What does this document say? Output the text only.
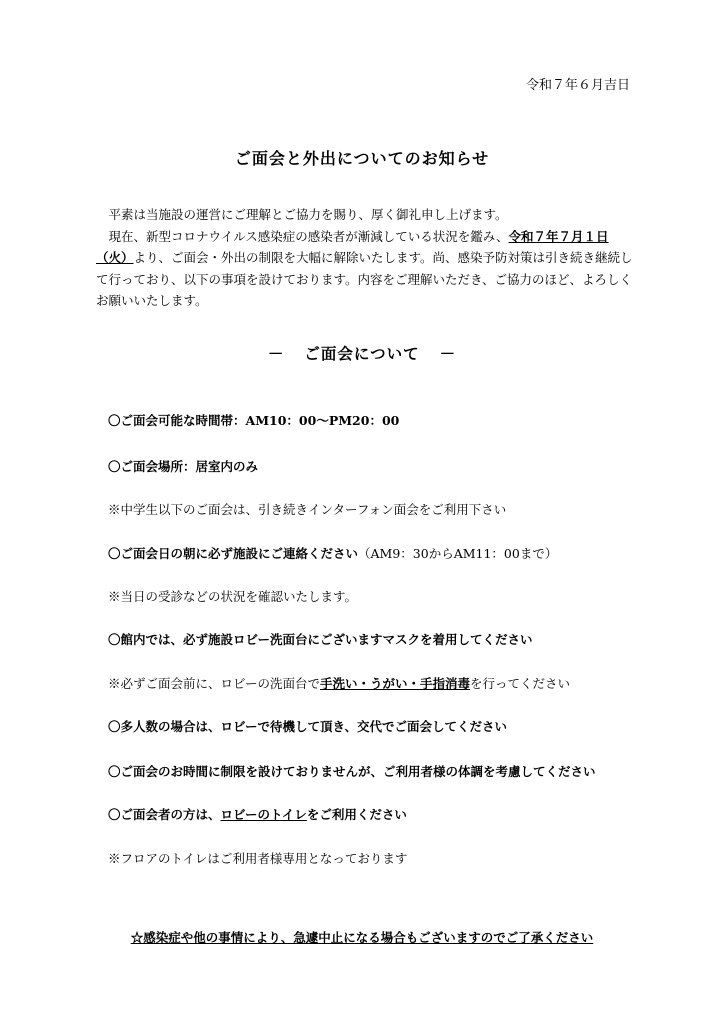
令和７年６月吉日
ご面会と外出についてのお知らせ

平素は当施設の運営にご理解とご協力を賜り、厚く御礼申し上げます。

現在、新型コロナウイルス感染症の感染者が漸減している状況を鑑み、令和７年７月１日（火）より、ご面会・外出の制限を大幅に解除いたします。尚、感染予防対策は引き続き継続して行っており、以下の事項を設けております。内容をご理解いただき、ご協力のほど、よろしくお願いいたします。

－ ご面会について －
〇ご面会可能な時間帯：AM10：00～PM20：00
〇ご面会場所：居室内のみ
※中学生以下のご面会は、引き続きインターフォン面会をご利用下さい
〇ご面会日の朝に必ず施設にご連絡ください（AM9：30からAM11：00まで）
※当日の受診などの状況を確認いたします。
〇館内では、必ず施設ロビー洗面台にございますマスクを着用してください
※必ずご面会前に、ロビーの洗面台で手洗い・うがい・手指消毒を行ってください
〇多人数の場合は、ロビーで待機して頂き、交代でご面会してください
〇ご面会のお時間に制限を設けておりませんが、ご利用者様の体調を考慮してください
〇ご面会者の方は、ロビーのトイレをご利用ください
※フロアのトイレはご利用者様専用となっております
☆感染症や他の事情により、急遽中止になる場合もございますのでご了承ください
